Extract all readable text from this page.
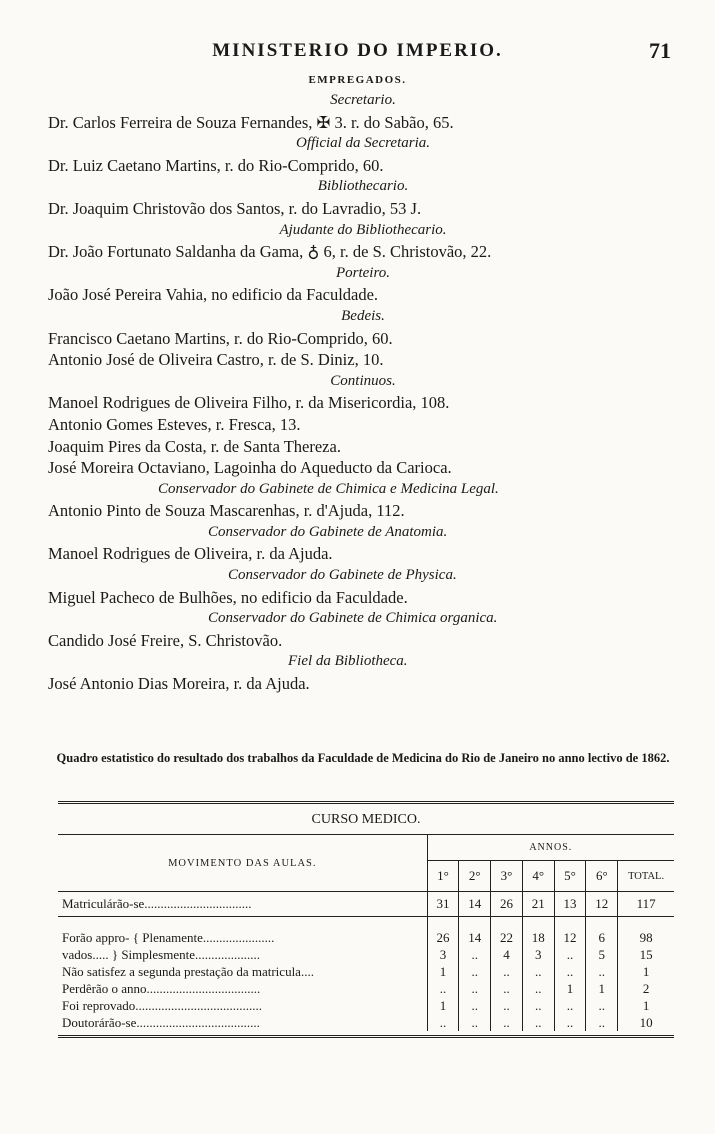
MINISTERIO DO IMPERIO.	71
EMPREGADOS.
Secretario.
Dr. Carlos Ferreira de Souza Fernandes, ✠ 3. r. do Sabão, 65.
Official da Secretaria.
Dr. Luiz Caetano Martins, r. do Rio-Comprido, 60.
Bibliothecario.
Dr. Joaquim Christovão dos Santos, r. do Lavradio, 53 J.
Ajudante do Bibliothecario.
Dr. João Fortunato Saldanha da Gama, ♁ 6, r. de S. Christovão, 22.
Porteiro.
João José Pereira Vahia, no edificio da Faculdade.
Bedeis.
Francisco Caetano Martins, r. do Rio-Comprido, 60.
Antonio José de Oliveira Castro, r. de S. Diniz, 10.
Continuos.
Manoel Rodrigues de Oliveira Filho, r. da Misericordia, 108.
Antonio Gomes Esteves, r. Fresca, 13.
Joaquim Pires da Costa, r. de Santa Thereza.
José Moreira Octaviano, Lagoinha do Aqueducto da Carioca.
Conservador do Gabinete de Chimica e Medicina Legal.
Antonio Pinto de Souza Mascarenhas, r. d'Ajuda, 112.
Conservador do Gabinete de Anatomia.
Manoel Rodrigues de Oliveira, r. da Ajuda.
Conservador do Gabinete de Physica.
Miguel Pacheco de Bulhões, no edificio da Faculdade.
Conservador do Gabinete de Chimica organica.
Candido José Freire, S. Christovão.
Fiel da Bibliotheca.
José Antonio Dias Moreira, r. da Ajuda.
Quadro estatistico do resultado dos trabalhos da Faculdade de Medicina do Rio de Janeiro no anno lectivo de 1862.
CURSO MEDICO.
MOVIMENTO DAS AULAS.	ANNOS.						
	1°	2°	3°	4°	5°	6°	TOTAL.
Matriculárão-se.................................	31	14	26	21	13	12	117

Forão appro- { Plenamente......................	26	14	22	18	12	6	98
vados..... } Simplesmente....................	3	..	4	3	..	5	15
Não satisfez a segunda prestação da matricula....	1	..	..	..	..	..	1
Perdêrão o anno...................................	..	..	..	..	1	1	2
Foi reprovado.......................................	1	..	..	..	..	..	1
Doutorárão-se......................................	..	..	..	..	..	..	10
